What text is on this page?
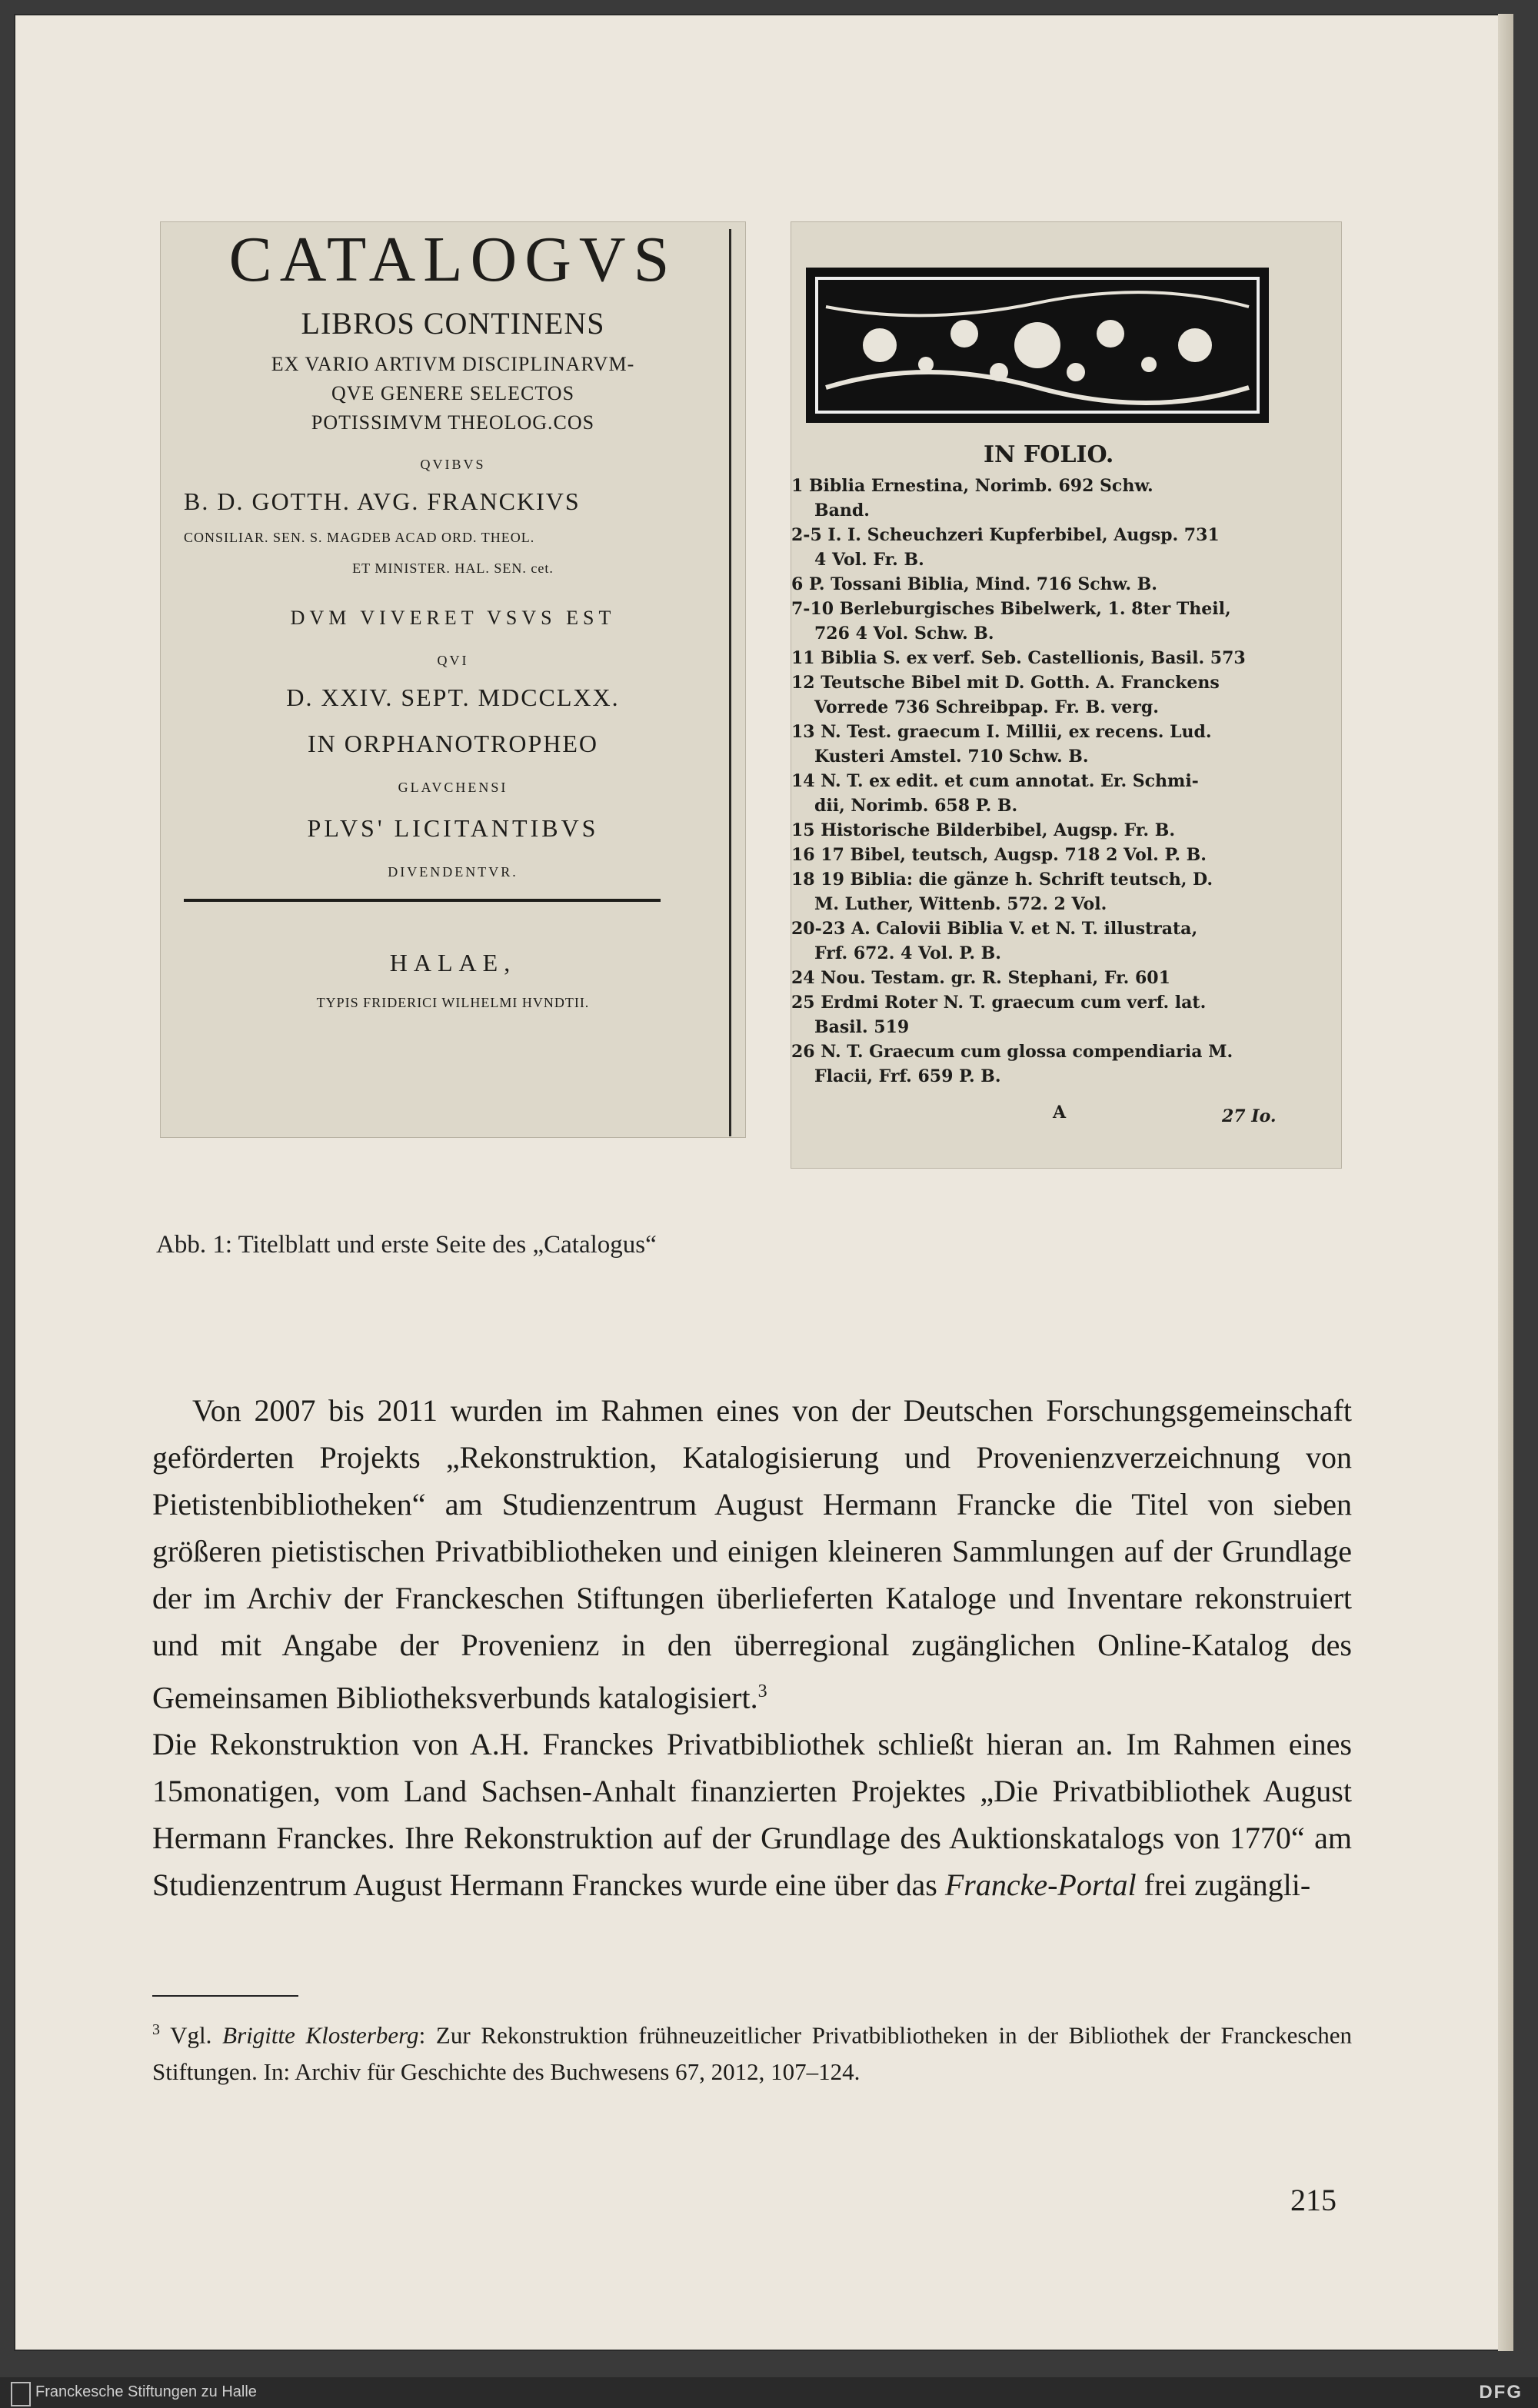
CATALOGVS
LIBROS CONTINENS
EX VARIO ARTIVM DISCIPLINARVM-
QVE GENERE SELECTOS
POTISSIMVM THEOLOG.COS
QVIBVS
B. D. GOTTH. AVG. FRANCKIVS
CONSILIAR. SEN. S. MAGDEB ACAD ORD. THEOL.
ET MINISTER. HAL. SEN. cet.
DVM VIVERET VSVS EST
QVI
D. XXIV. SEPT. MDCCLXX.
IN ORPHANOTROPHEO
GLAVCHENSI
PLVS' LICITANTIBVS
DIVENDENTVR.
HALAE,
TYPIS FRIDERICI WILHELMI HVNDTII.
IN FOLIO.
1 Biblia Ernestina, Norimb. 692 Schw.
Band.
2-5 I. I. Scheuchzeri Kupferbibel, Augsp. 731
4 Vol. Fr. B.
6 P. Tossani Biblia, Mind. 716 Schw. B.
7-10 Berleburgisches Bibelwerk, 1. 8ter Theil,
726 4 Vol. Schw. B.
11 Biblia S. ex verf. Seb. Castellionis, Basil. 573
12 Teutsche Bibel mit D. Gotth. A. Franckens
Vorrede 736 Schreibpap. Fr. B. verg.
13 N. Test. graecum I. Millii, ex recens. Lud.
Kusteri Amstel. 710 Schw. B.
14 N. T. ex edit. et cum annotat. Er. Schmi-
dii, Norimb. 658 P. B.
15 Historische Bilderbibel, Augsp. Fr. B.
16 17 Bibel, teutsch, Augsp. 718 2 Vol. P. B.
18 19 Biblia: die gänze h. Schrift teutsch, D.
M. Luther, Wittenb. 572. 2 Vol.
20-23 A. Calovii Biblia V. et N. T. illustrata,
Frf. 672. 4 Vol. P. B.
24 Nou. Testam. gr. R. Stephani, Fr. 601
25 Erdmi Roter N. T. graecum cum verf. lat.
Basil. 519
26 N. T. Graecum cum glossa compendiaria M.
Flacii, Frf. 659 P. B.
A	27 Io.
Abb. 1: Titelblatt und erste Seite des „Catalogus“

Von 2007 bis 2011 wurden im Rahmen eines von der Deutschen Forschungsgemeinschaft geförderten Projekts „Rekonstruktion, Katalogisierung und Provenienzverzeichnung von Pietistenbibliotheken“ am Studienzentrum August Hermann Francke die Titel von sieben größeren pietistischen Privatbibliotheken und einigen kleineren Sammlungen auf der Grundlage der im Archiv der Franckeschen Stiftungen überlieferten Kataloge und Inventare rekonstruiert und mit Angabe der Provenienz in den überregional zugänglichen Online-Katalog des Gemeinsamen Bibliotheksverbunds katalogisiert.$^3$

Die Rekonstruktion von A.H. Franckes Privatbibliothek schließt hieran an. Im Rahmen eines 15monatigen, vom Land Sachsen-Anhalt finanzierten Projektes „Die Privatbibliothek August Hermann Franckes. Ihre Rekonstruktion auf der Grundlage des Auktionskatalogs von 1770“ am Studienzentrum August Hermann Franckes wurde eine über das Francke-Portal frei zugängli-

$^3$ Vgl. Brigitte Klosterberg: Zur Rekonstruktion frühneuzeitlicher Privatbibliotheken in der Bibliothek der Franckeschen Stiftungen. In: Archiv für Geschichte des Buchwesens 67, 2012, 107–124.
215
Franckesche Stiftungen zu Halle	DFG
